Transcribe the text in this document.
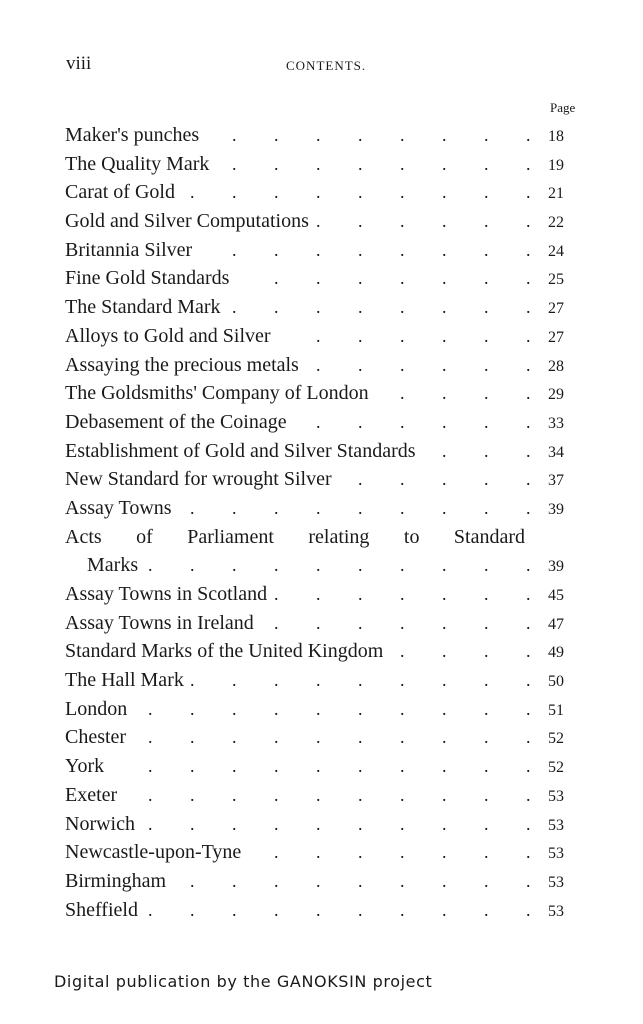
viii	CONTENTS.
Page
Maker's punches . . . . . . . . 18
The Quality Mark . . . . . . . . 19
Carat of Gold . . . . . . . . . 21
Gold and Silver Computations . . . . . . 22
Britannia Silver . . . . . . . . 24
Fine Gold Standards . . . . . . . 25
The Standard Mark . . . . . . . . 27
Alloys to Gold and Silver	. . . . . . 27
Assaying the precious metals . . . . . . 28
The Goldsmiths' Company of London . . . . 29
Debasement of the Coinage . . . . . . 33
Establishment of Gold and Silver Standards . . . 34
New Standard for wrought Silver . . . . . 37
Assay Towns . . . . . . . . . 39
Acts of Parliament relating to Standard
Marks . . . . . . . . . . 39
Assay Towns in Scotland . . . . . . . 45
Assay Towns in Ireland . . . . . . . 47
Standard Marks of the United Kingdom . . . . 49
The Hall Mark . . . . . . . . . 50
London . . . . . . . . . . 51
Chester . . . . . . . . . . 52
York . . . . . . . . . . 52
Exeter . . . . . . . . . . 53
Norwich . . . . . . . . . . 53
Newcastle-upon-Tyne . . . . . . . 53
Birmingham . . . . . . . . . 53
Sheffield . . . . . . . . . . 53
Digital publication by the GANOKSIN project
